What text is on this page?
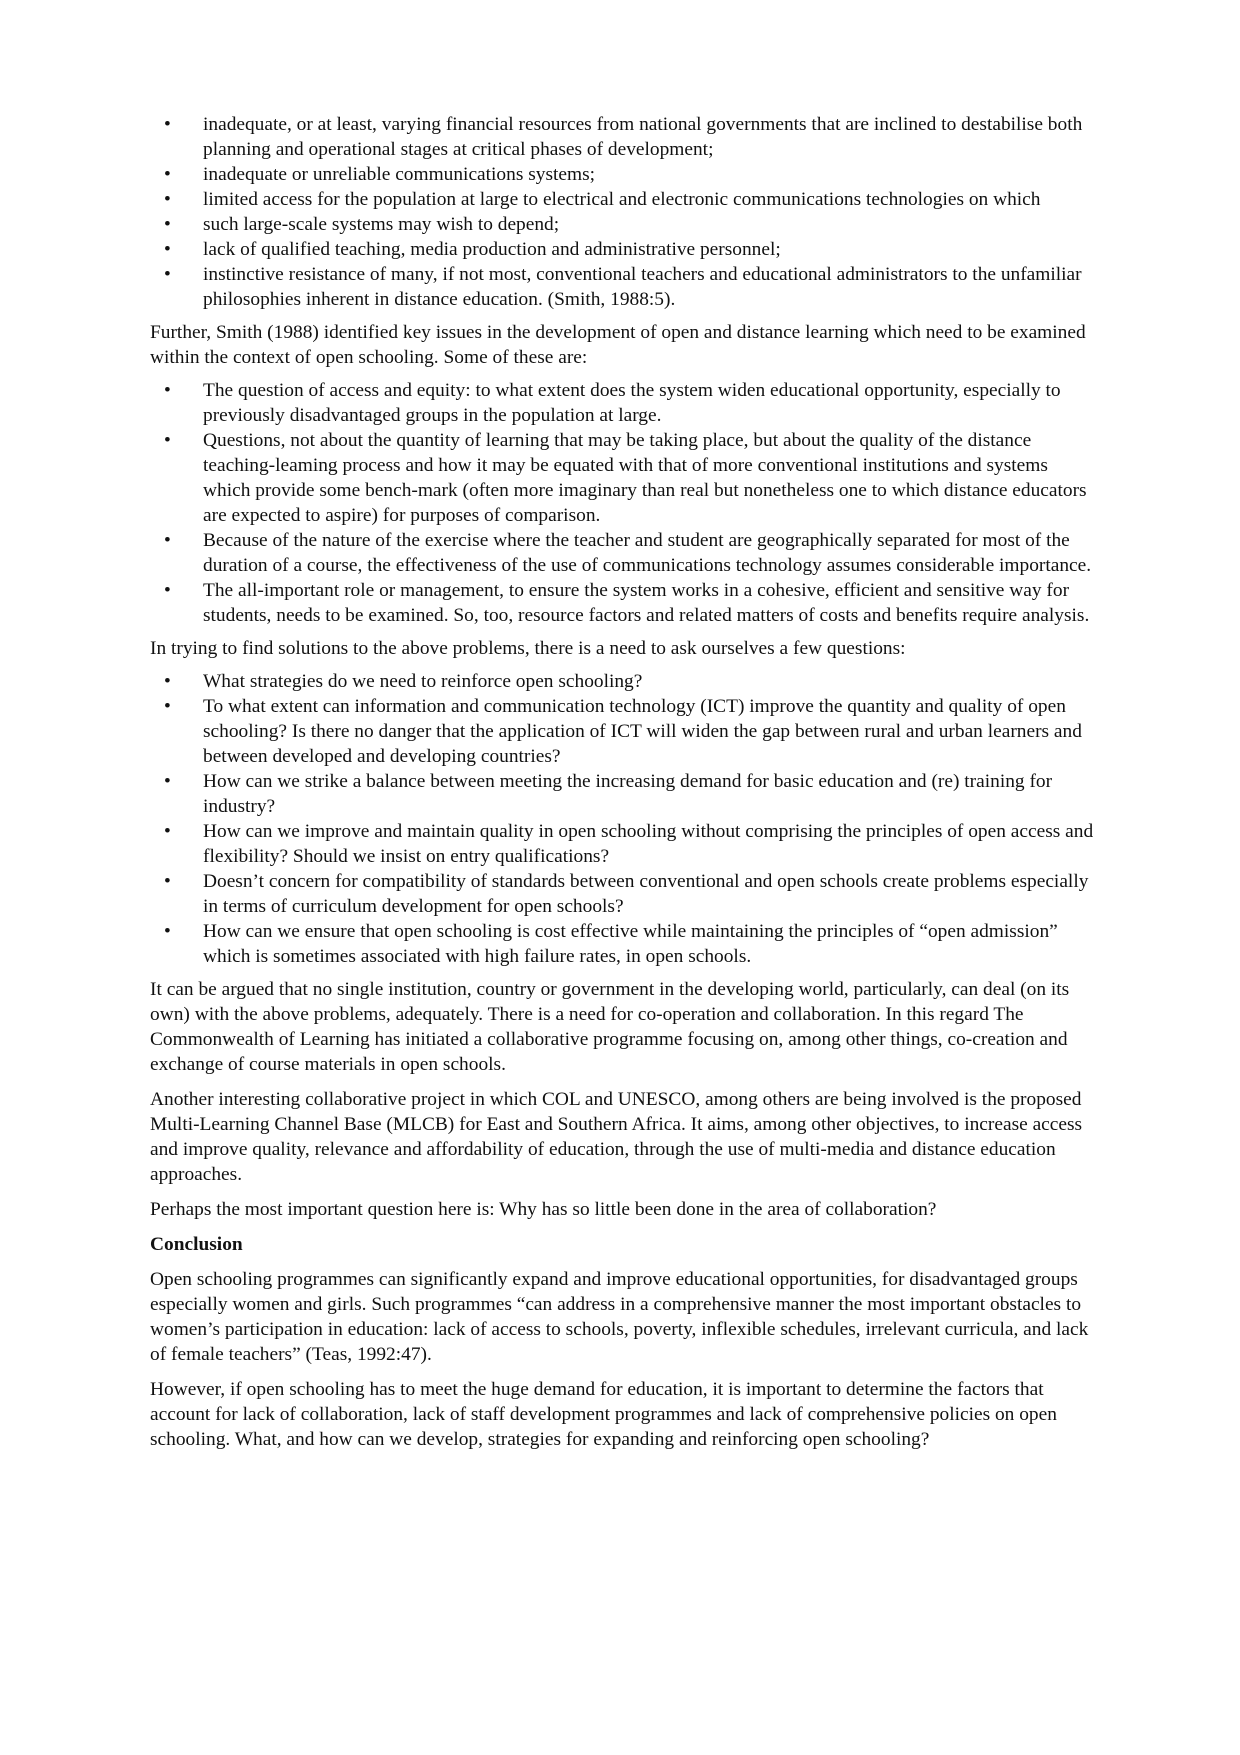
• inadequate, or at least, varying financial resources from national governments that are inclined to destabilise both planning and operational stages at critical phases of development;
• inadequate or unreliable communications systems;
• limited access for the population at large to electrical and electronic communications technologies on which
• such large-scale systems may wish to depend;
• lack of qualified teaching, media production and administrative personnel;
• instinctive resistance of many, if not most, conventional teachers and educational administrators to the unfamiliar philosophies inherent in distance education. (Smith, 1988:5).

Further, Smith (1988) identified key issues in the development of open and distance learning which need to be examined within the context of open schooling. Some of these are:

• The question of access and equity: to what extent does the system widen educational opportunity, especially to previously disadvantaged groups in the population at large.
• Questions, not about the quantity of learning that may be taking place, but about the quality of the distance teaching-leaming process and how it may be equated with that of more conventional institutions and systems which provide some bench-mark (often more imaginary than real but nonetheless one to which distance educators are expected to aspire) for purposes of comparison.
• Because of the nature of the exercise where the teacher and student are geographically separated for most of the duration of a course, the effectiveness of the use of communications technology assumes considerable importance.
• The all-important role or management, to ensure the system works in a cohesive, efficient and sensitive way for students, needs to be examined. So, too, resource factors and related matters of costs and benefits require analysis.

In trying to find solutions to the above problems, there is a need to ask ourselves a few questions:

• What strategies do we need to reinforce open schooling?
• To what extent can information and communication technology (ICT) improve the quantity and quality of open schooling? Is there no danger that the application of ICT will widen the gap between rural and urban learners and between developed and developing countries?
• How can we strike a balance between meeting the increasing demand for basic education and (re) training for industry?
• How can we improve and maintain quality in open schooling without comprising the principles of open access and flexibility? Should we insist on entry qualifications?
• Doesn’t concern for compatibility of standards between conventional and open schools create problems especially in terms of curriculum development for open schools?
• How can we ensure that open schooling is cost effective while maintaining the principles of “open admission” which is sometimes associated with high failure rates, in open schools.

It can be argued that no single institution, country or government in the developing world, particularly, can deal (on its own) with the above problems, adequately. There is a need for co-operation and collaboration. In this regard The Commonwealth of Learning has initiated a collaborative programme focusing on, among other things, co-creation and exchange of course materials in open schools.

Another interesting collaborative project in which COL and UNESCO, among others are being involved is the proposed Multi-Learning Channel Base (MLCB) for East and Southern Africa. It aims, among other objectives, to increase access and improve quality, relevance and affordability of education, through the use of multi-media and distance education approaches.

Perhaps the most important question here is: Why has so little been done in the area of collaboration?

Conclusion

Open schooling programmes can significantly expand and improve educational opportunities, for disadvantaged groups especially women and girls. Such programmes “can address in a comprehensive manner the most important obstacles to women’s participation in education: lack of access to schools, poverty, inflexible schedules, irrelevant curricula, and lack of female teachers” (Teas, 1992:47).

However, if open schooling has to meet the huge demand for education, it is important to determine the factors that account for lack of collaboration, lack of staff development programmes and lack of comprehensive policies on open schooling. What, and how can we develop, strategies for expanding and reinforcing open schooling?
